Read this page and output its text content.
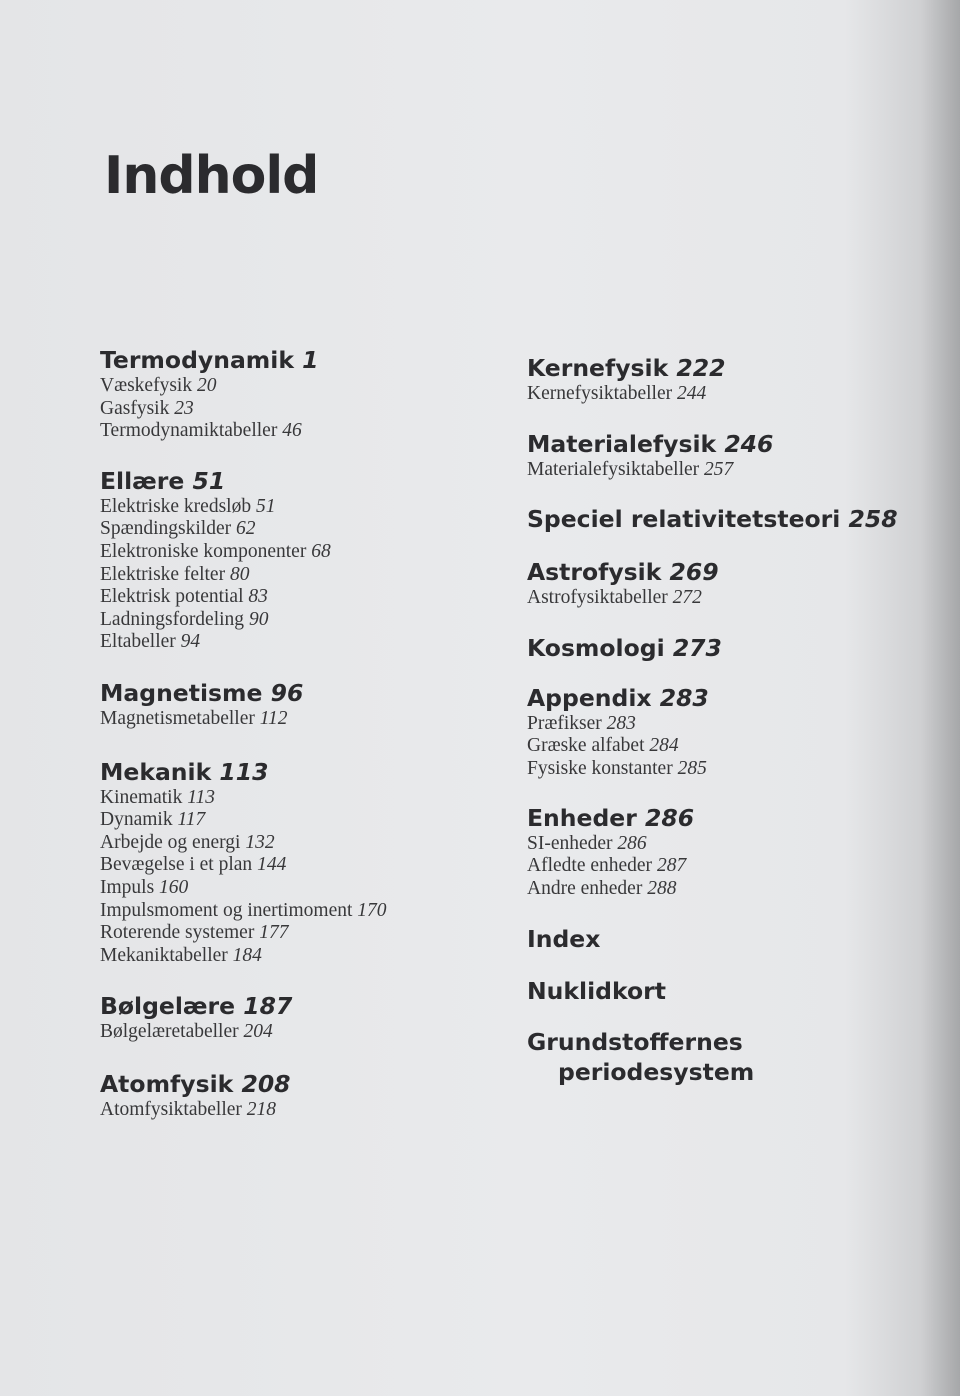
Indhold
Termodynamik 1
Væskefysik 20
Gasfysik 23
Termodynamiktabeller 46
Ellære 51
Elektriske kredsløb 51
Spændingskilder 62
Elektroniske komponenter 68
Elektriske felter 80
Elektrisk potential 83
Ladningsfordeling 90
Eltabeller 94
Magnetisme 96
Magnetismetabeller 112
Mekanik 113
Kinematik 113
Dynamik 117
Arbejde og energi 132
Bevægelse i et plan 144
Impuls 160
Impulsmoment og inertimoment 170
Roterende systemer 177
Mekaniktabeller 184
Bølgelære 187
Bølgelæretabeller 204
Atomfysik 208
Atomfysiktabeller 218
Kernefysik 222
Kernefysiktabeller 244
Materialefysik 246
Materialefysiktabeller 257
Speciel relativitetsteori 258
Astrofysik 269
Astrofysiktabeller 272
Kosmologi 273
Appendix 283
Præfikser 283
Græske alfabet 284
Fysiske konstanter 285
Enheder 286
SI-enheder 286
Afledte enheder 287
Andre enheder 288
Index
Nuklidkort
Grundstoffernes
periodesystem
